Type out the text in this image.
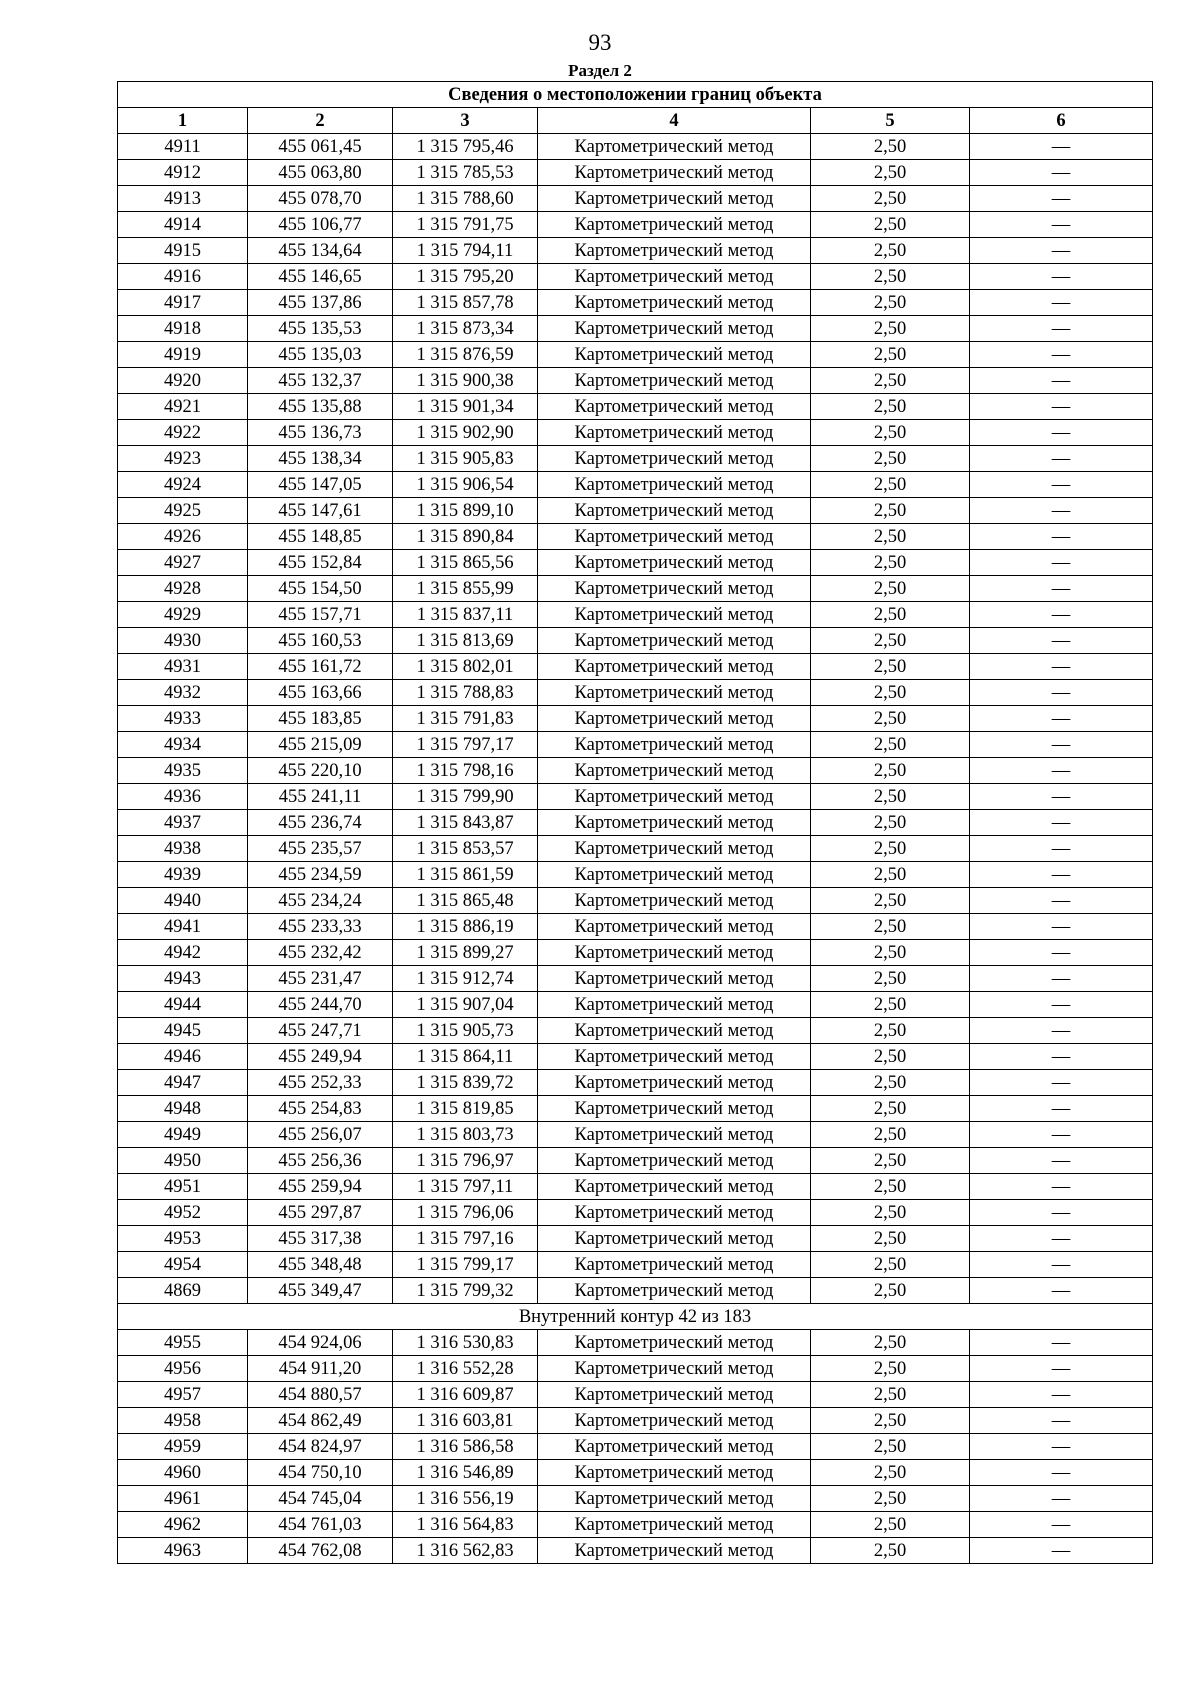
93
Раздел 2
Сведения о местоположении границ объекта					
1	2	3	4	5	6
4911	455 061,45	1 315 795,46	Картометрический метод	2,50	—
4912	455 063,80	1 315 785,53	Картометрический метод	2,50	—
4913	455 078,70	1 315 788,60	Картометрический метод	2,50	—
4914	455 106,77	1 315 791,75	Картометрический метод	2,50	—
4915	455 134,64	1 315 794,11	Картометрический метод	2,50	—
4916	455 146,65	1 315 795,20	Картометрический метод	2,50	—
4917	455 137,86	1 315 857,78	Картометрический метод	2,50	—
4918	455 135,53	1 315 873,34	Картометрический метод	2,50	—
4919	455 135,03	1 315 876,59	Картометрический метод	2,50	—
4920	455 132,37	1 315 900,38	Картометрический метод	2,50	—
4921	455 135,88	1 315 901,34	Картометрический метод	2,50	—
4922	455 136,73	1 315 902,90	Картометрический метод	2,50	—
4923	455 138,34	1 315 905,83	Картометрический метод	2,50	—
4924	455 147,05	1 315 906,54	Картометрический метод	2,50	—
4925	455 147,61	1 315 899,10	Картометрический метод	2,50	—
4926	455 148,85	1 315 890,84	Картометрический метод	2,50	—
4927	455 152,84	1 315 865,56	Картометрический метод	2,50	—
4928	455 154,50	1 315 855,99	Картометрический метод	2,50	—
4929	455 157,71	1 315 837,11	Картометрический метод	2,50	—
4930	455 160,53	1 315 813,69	Картометрический метод	2,50	—
4931	455 161,72	1 315 802,01	Картометрический метод	2,50	—
4932	455 163,66	1 315 788,83	Картометрический метод	2,50	—
4933	455 183,85	1 315 791,83	Картометрический метод	2,50	—
4934	455 215,09	1 315 797,17	Картометрический метод	2,50	—
4935	455 220,10	1 315 798,16	Картометрический метод	2,50	—
4936	455 241,11	1 315 799,90	Картометрический метод	2,50	—
4937	455 236,74	1 315 843,87	Картометрический метод	2,50	—
4938	455 235,57	1 315 853,57	Картометрический метод	2,50	—
4939	455 234,59	1 315 861,59	Картометрический метод	2,50	—
4940	455 234,24	1 315 865,48	Картометрический метод	2,50	—
4941	455 233,33	1 315 886,19	Картометрический метод	2,50	—
4942	455 232,42	1 315 899,27	Картометрический метод	2,50	—
4943	455 231,47	1 315 912,74	Картометрический метод	2,50	—
4944	455 244,70	1 315 907,04	Картометрический метод	2,50	—
4945	455 247,71	1 315 905,73	Картометрический метод	2,50	—
4946	455 249,94	1 315 864,11	Картометрический метод	2,50	—
4947	455 252,33	1 315 839,72	Картометрический метод	2,50	—
4948	455 254,83	1 315 819,85	Картометрический метод	2,50	—
4949	455 256,07	1 315 803,73	Картометрический метод	2,50	—
4950	455 256,36	1 315 796,97	Картометрический метод	2,50	—
4951	455 259,94	1 315 797,11	Картометрический метод	2,50	—
4952	455 297,87	1 315 796,06	Картометрический метод	2,50	—
4953	455 317,38	1 315 797,16	Картометрический метод	2,50	—
4954	455 348,48	1 315 799,17	Картометрический метод	2,50	—
4869	455 349,47	1 315 799,32	Картометрический метод	2,50	—
Внутренний контур 42 из 183					
4955	454 924,06	1 316 530,83	Картометрический метод	2,50	—
4956	454 911,20	1 316 552,28	Картометрический метод	2,50	—
4957	454 880,57	1 316 609,87	Картометрический метод	2,50	—
4958	454 862,49	1 316 603,81	Картометрический метод	2,50	—
4959	454 824,97	1 316 586,58	Картометрический метод	2,50	—
4960	454 750,10	1 316 546,89	Картометрический метод	2,50	—
4961	454 745,04	1 316 556,19	Картометрический метод	2,50	—
4962	454 761,03	1 316 564,83	Картометрический метод	2,50	—
4963	454 762,08	1 316 562,83	Картометрический метод	2,50	—
